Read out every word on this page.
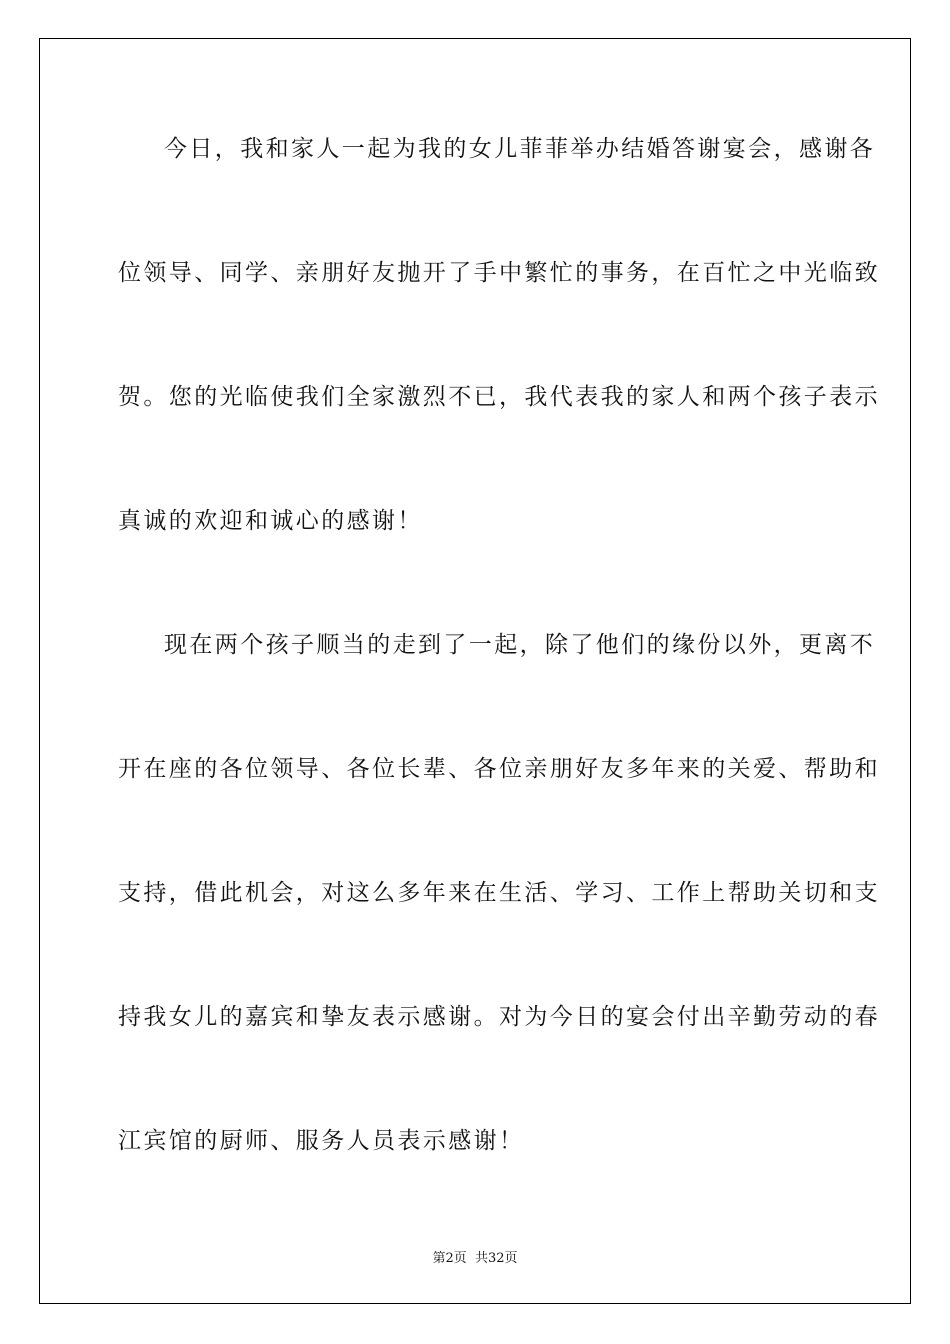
今日，我和家人一起为我的女儿菲菲举办结婚答谢宴会，感谢各
位领导、同学、亲朋好友抛开了手中繁忙的事务，在百忙之中光临致
贺。您的光临使我们全家激烈不已，我代表我的家人和两个孩子表示
真诚的欢迎和诚心的感谢！
现在两个孩子顺当的走到了一起，除了他们的缘份以外，更离不
开在座的各位领导、各位长辈、各位亲朋好友多年来的关爱、帮助和
支持，借此机会，对这么多年来在生活、学习、工作上帮助关切和支
持我女儿的嘉宾和挚友表示感谢。对为今日的宴会付出辛勤劳动的春
江宾馆的厨师、服务人员表示感谢！
第2页 共32页
